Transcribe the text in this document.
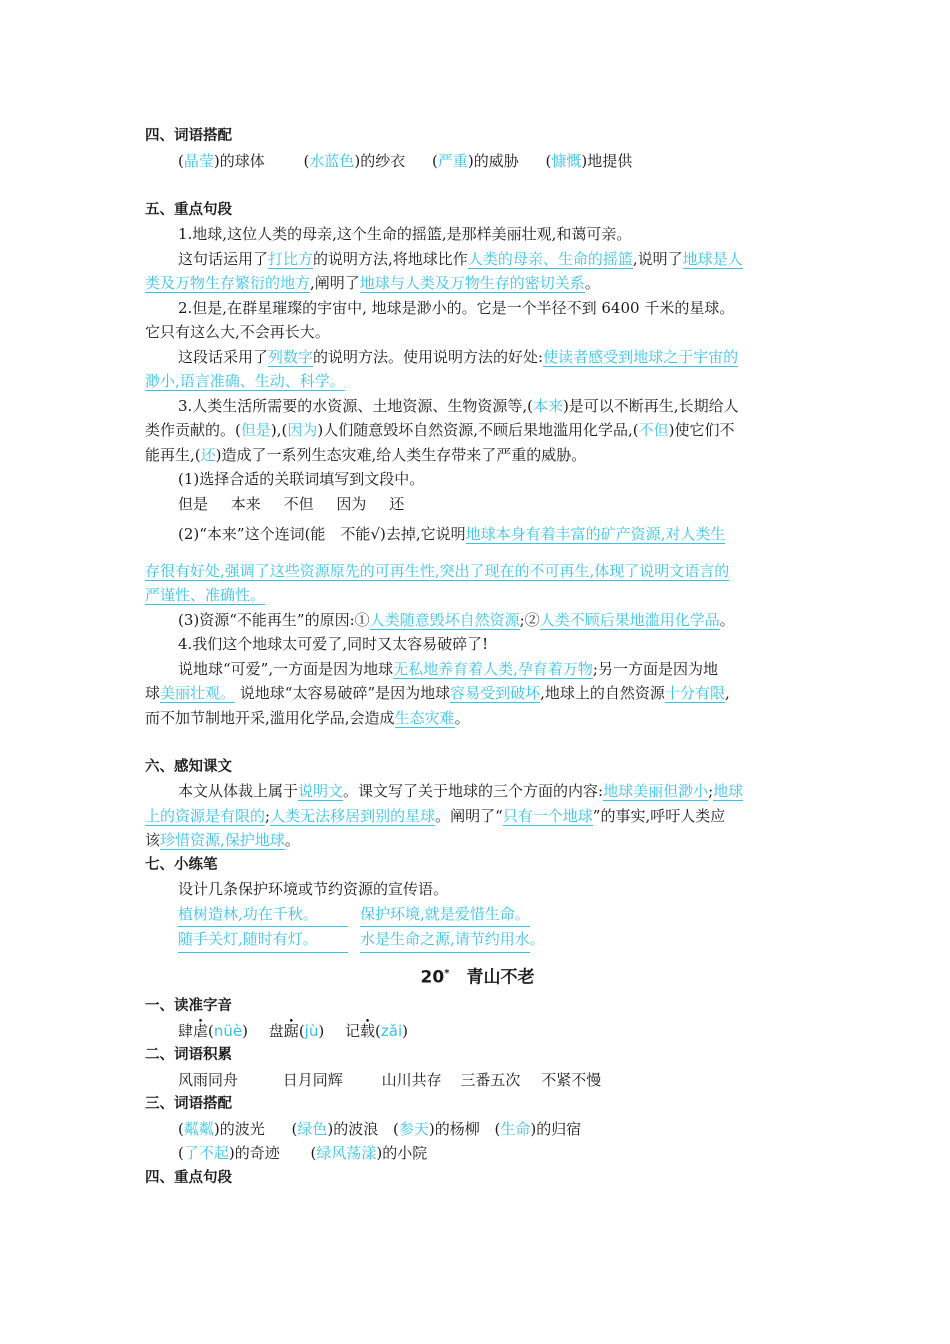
四、词语搭配
(晶莹)的球体	(水蓝色)的纱衣 (严重)的威胁 (慷慨)地提供
五、重点句段
1.地球,这位人类的母亲,这个生命的摇篮,是那样美丽壮观,和蔼可亲。
这句话运用了打比方的说明方法,将地球比作人类的母亲、生命的摇篮,说明了地球是人
类及万物生存繁衍的地方,阐明了地球与人类及万物生存的密切关系。
2.但是,在群星璀璨的宇宙中, 地球是渺小的。它是一个半径不到 6400 千米的星球。
它只有这么大,不会再长大。
这段话采用了列数字的说明方法。使用说明方法的好处:使读者感受到地球之于宇宙的
渺小,语言准确、生动、科学。
3.人类生活所需要的水资源、土地资源、生物资源等,(本来)是可以不断再生,长期给人
类作贡献的。(但是),(因为)人们随意毁坏自然资源,不顾后果地滥用化学品,(不但)使它们不
能再生,(还)造成了一系列生态灾难,给人类生存带来了严重的威胁。
(1)选择合适的关联词填写到文段中。
但是 本来 不但 因为 还
(2)“本来”这个连词(能　不能√)去掉,它说明地球本身有着丰富的矿产资源,对人类生
存很有好处,强调了这些资源原先的可再生性,突出了现在的不可再生,体现了说明文语言的
严谨性、准确性。
(3)资源“不能再生”的原因:①人类随意毁坏自然资源;②人类不顾后果地滥用化学品。
4.我们这个地球太可爱了,同时又太容易破碎了!
说地球“可爱”,一方面是因为地球无私地养育着人类,孕育着万物;另一方面是因为地
球美丽壮观。 说地球“太容易破碎”是因为地球容易受到破坏,地球上的自然资源十分有限,
而不加节制地开采,滥用化学品,会造成生态灾难。
六、感知课文
本文从体裁上属于说明文。课文写了关于地球的三个方面的内容:地球美丽但渺小;地球
上的资源是有限的;人类无法移居到别的星球。阐明了“只有一个地球”的事实,呼吁人类应
该珍惜资源,保护地球。
七、小练笔
设计几条保护环境或节约资源的宣传语。
植树造林,功在千秋。	保护环境,就是爱惜生命。
随手关灯,随时有灯。	水是生命之源,请节约用水。
20*　 青山不老
一、读准字音
肆虐(nüè) 盘踞(jù) 记载(zǎi)
二、词语积累
风雨同舟	日月同辉	山川共存 三番五次 不紧不慢
三、词语搭配
(粼粼)的波光 (绿色)的波浪 (参天)的杨柳 (生命)的归宿
(了不起)的奇迹 (绿风荡漾)的小院
四、重点句段
